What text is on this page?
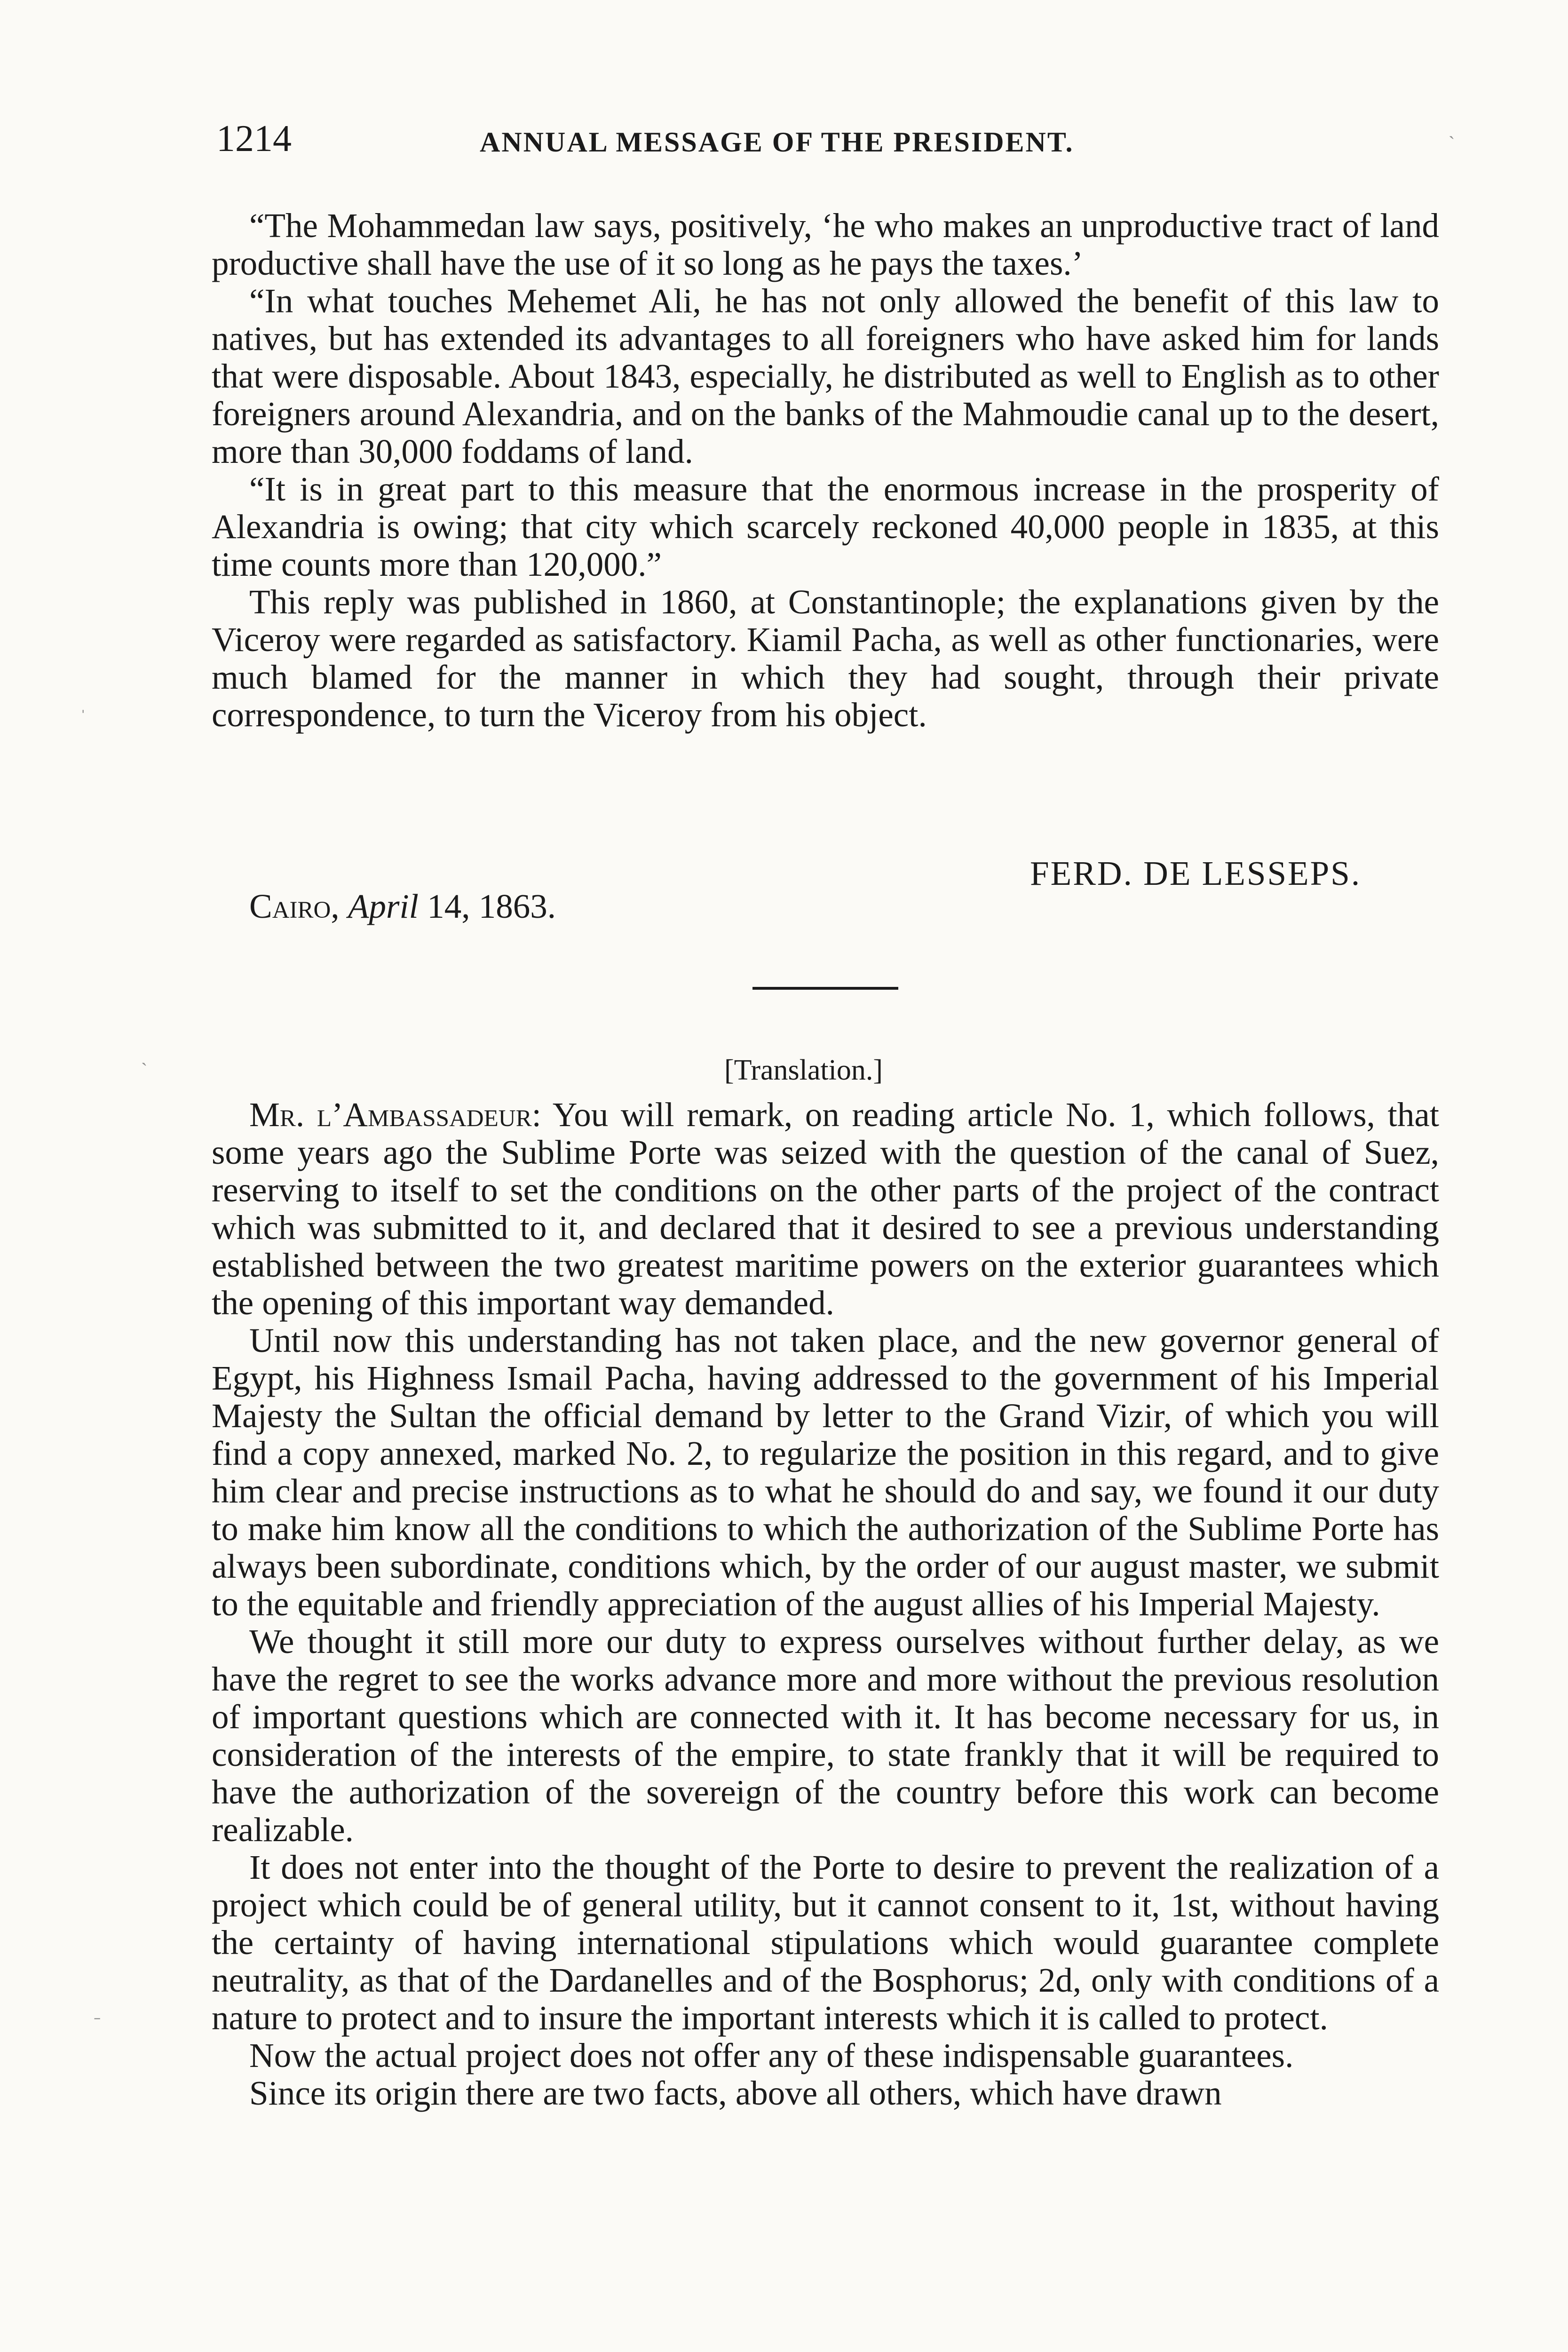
1214	ANNUAL MESSAGE OF THE PRESIDENT.

“The Mohammedan law says, positively, ‘he who makes an unproductive tract of land productive shall have the use of it so long as he pays the taxes.’

“In what touches Mehemet Ali, he has not only allowed the benefit of this law to natives, but has extended its advantages to all foreigners who have asked him for lands that were disposable. About 1843, especially, he distributed as well to English as to other foreigners around Alexandria, and on the banks of the Mahmoudie canal up to the desert, more than 30,000 foddams of land.

“It is in great part to this measure that the enormous increase in the prosperity of Alexandria is owing; that city which scarcely reckoned 40,000 people in 1835, at this time counts more than 120,000.”

This reply was published in 1860, at Constantinople; the explanations given by the Viceroy were regarded as satisfactory. Kiamil Pacha, as well as other functionaries, were much blamed for the manner in which they had sought, through their private correspondence, to turn the Viceroy from his object.

FERD. DE LESSEPS.
Cairo, April 14, 1863.
[Translation.]

Mr. l’Ambassadeur: You will remark, on reading article No. 1, which follows, that some years ago the Sublime Porte was seized with the question of the canal of Suez, reserving to itself to set the conditions on the other parts of the project of the contract which was submitted to it, and declared that it desired to see a previous understanding established between the two greatest maritime powers on the exterior guarantees which the opening of this important way demanded.

Until now this understanding has not taken place, and the new governor general of Egypt, his Highness Ismail Pacha, having addressed to the government of his Imperial Majesty the Sultan the official demand by letter to the Grand Vizir, of which you will find a copy annexed, marked No. 2, to regularize the position in this regard, and to give him clear and precise instructions as to what he should do and say, we found it our duty to make him know all the conditions to which the authorization of the Sublime Porte has always been subordinate, conditions which, by the order of our august master, we submit to the equitable and friendly appreciation of the august allies of his Imperial Majesty.

We thought it still more our duty to express ourselves without further delay, as we have the regret to see the works advance more and more without the previous resolution of important questions which are connected with it. It has become necessary for us, in consideration of the interests of the empire, to state frankly that it will be required to have the authorization of the sovereign of the country before this work can become realizable.

It does not enter into the thought of the Porte to desire to prevent the realization of a project which could be of general utility, but it cannot consent to it, 1st, without having the certainty of having international stipulations which would guarantee complete neutrality, as that of the Dardanelles and of the Bosphorus; 2d, only with conditions of a nature to protect and to insure the important interests which it is called to protect.

Now the actual project does not offer any of these indispensable guarantees.

Since its origin there are two facts, above all others, which have drawn

ˏ
ˈ
ˏ
ˍ
